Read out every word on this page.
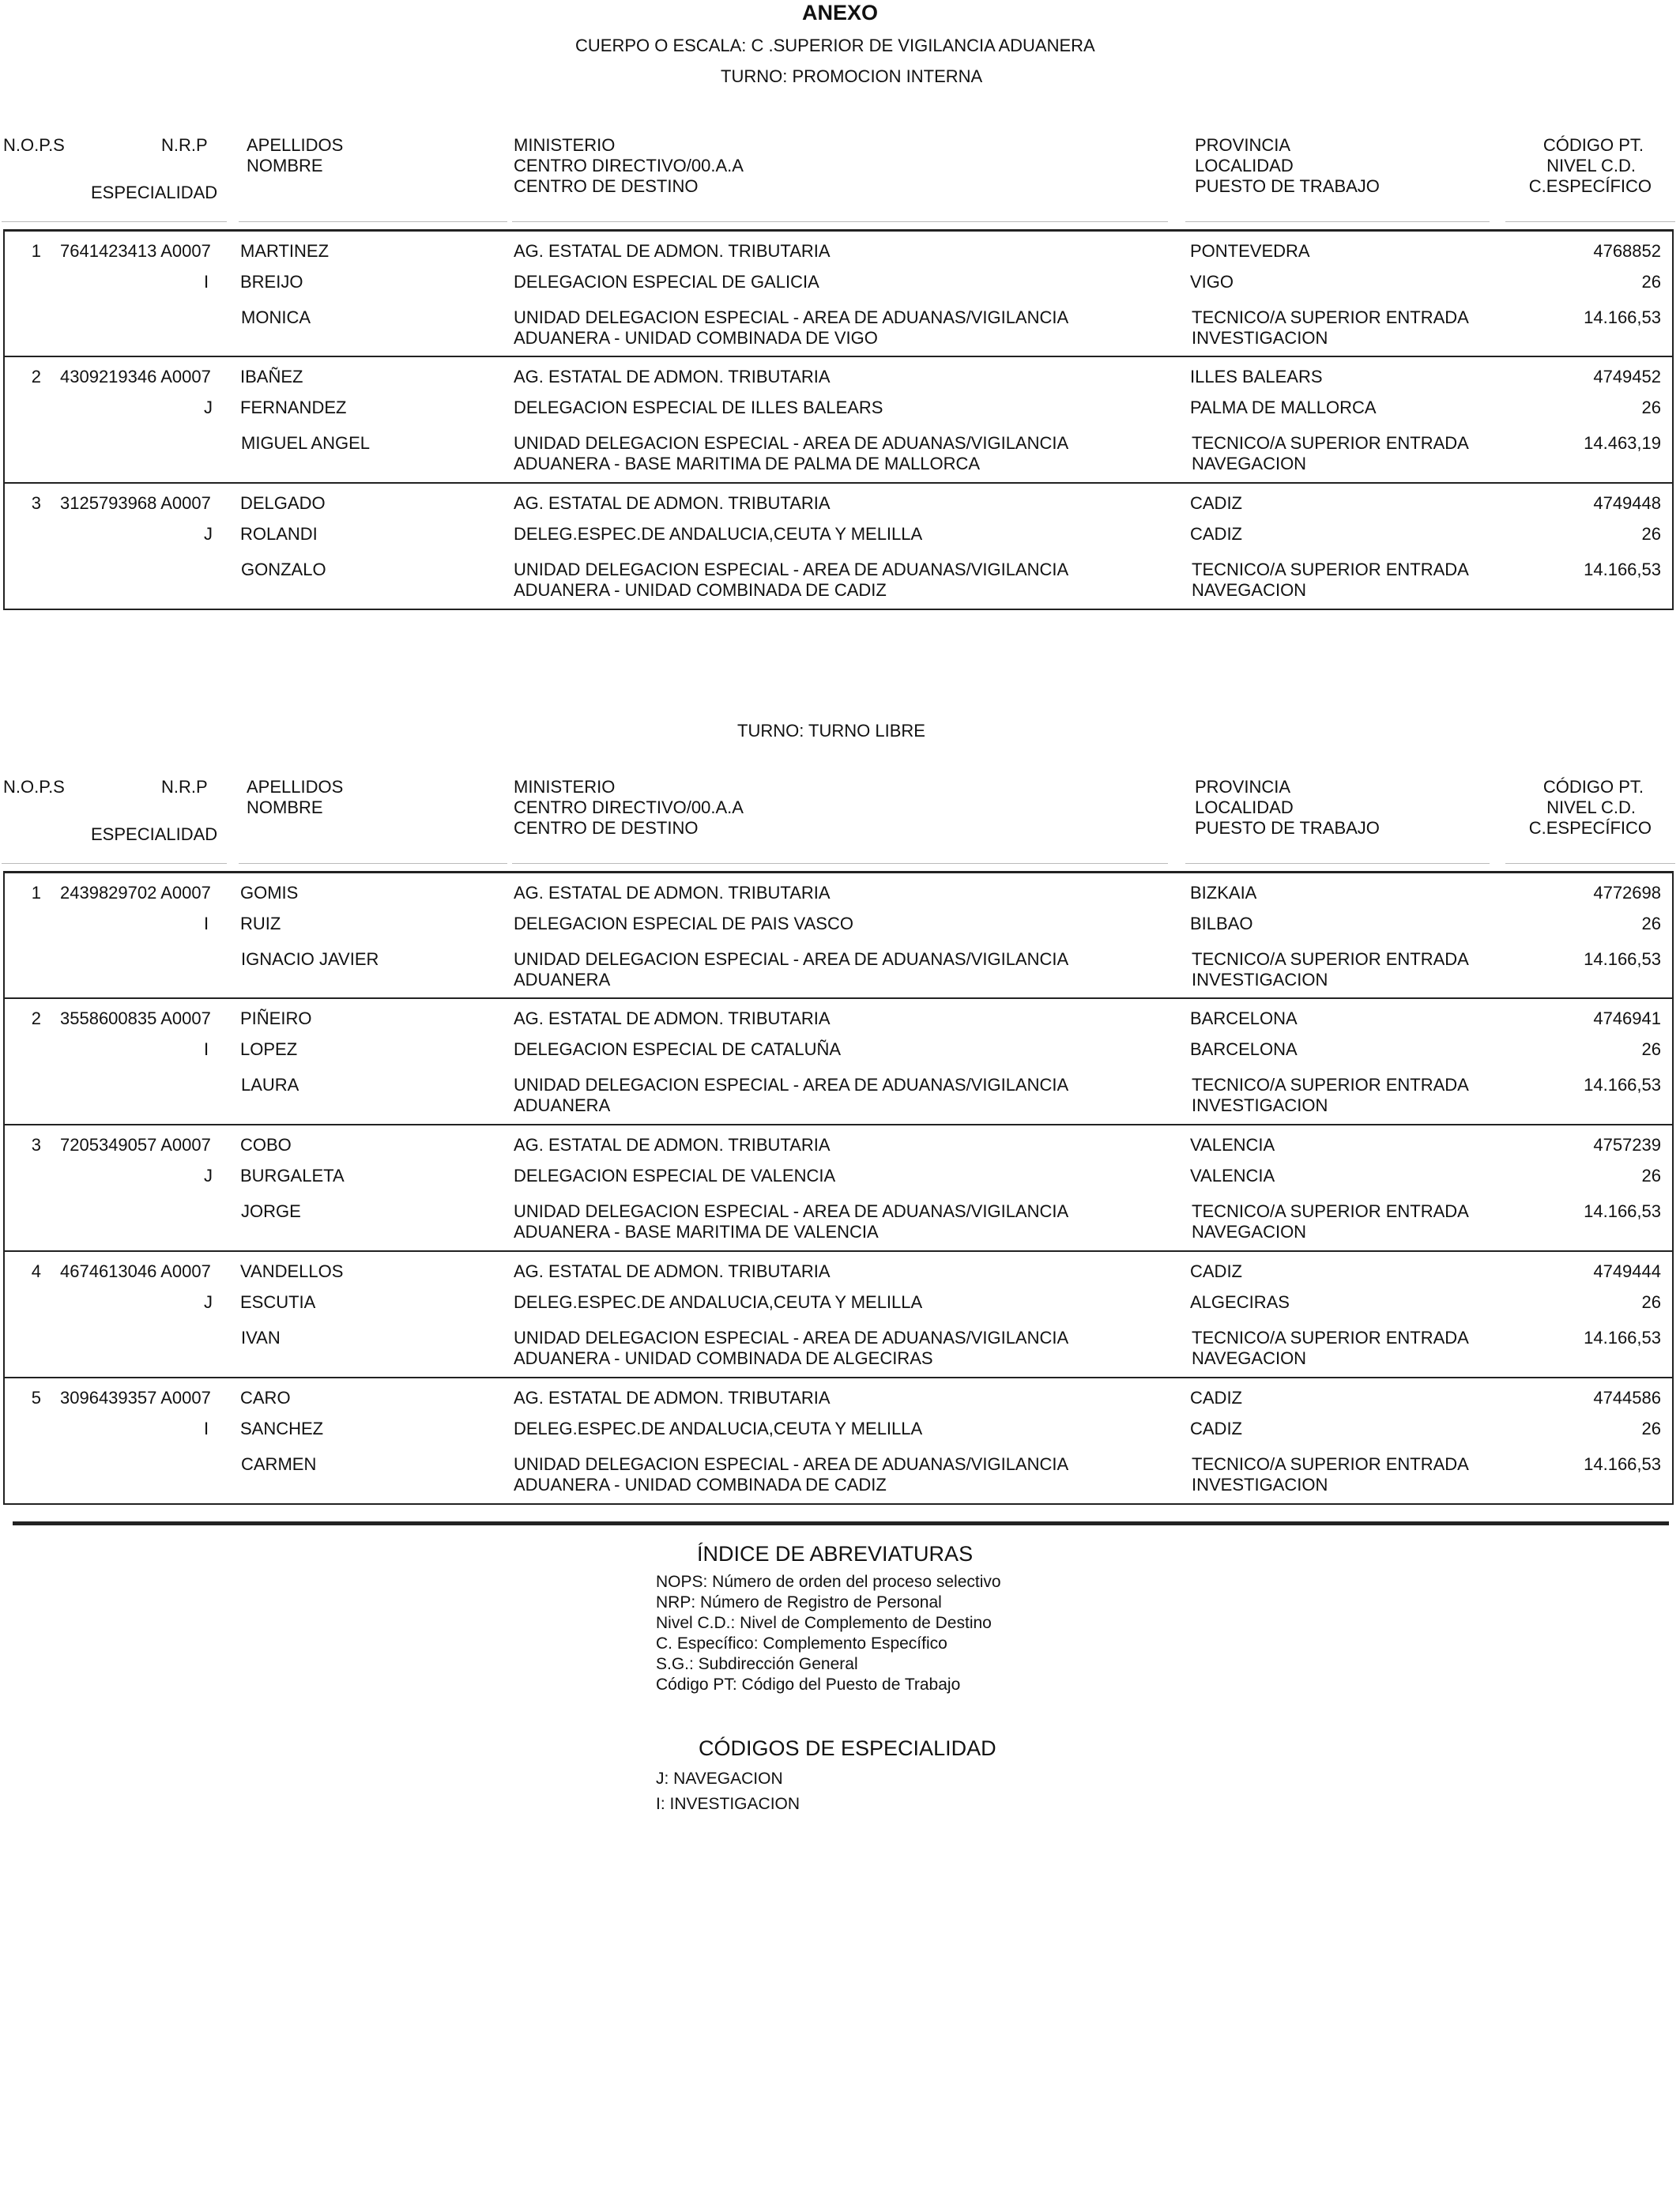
ANEXO
CUERPO O ESCALA: C .SUPERIOR DE VIGILANCIA ADUANERA
TURNO: PROMOCION INTERNA
N.O.P.S	N.R.P
ESPECIALIDAD
APELLIDOS
NOMBRE
MINISTERIO
CENTRO DIRECTIVO/00.A.A
CENTRO DE DESTINO
PROVINCIA
LOCALIDAD
PUESTO DE TRABAJO
CÓDIGO PT.
NIVEL C.D.
C.ESPECÍFICO
1 7641423413 A0007
I
MARTINEZ
BREIJO
MONICA
AG. ESTATAL DE ADMON. TRIBUTARIA
DELEGACION ESPECIAL DE GALICIA
UNIDAD DELEGACION ESPECIAL - AREA DE ADUANAS/VIGILANCIA
ADUANERA - UNIDAD COMBINADA DE VIGO
PONTEVEDRA
VIGO
TECNICO/A SUPERIOR ENTRADA
INVESTIGACION
4768852
26
14.166,53
2 4309219346 A0007
J
IBAÑEZ
FERNANDEZ
MIGUEL ANGEL
AG. ESTATAL DE ADMON. TRIBUTARIA
DELEGACION ESPECIAL DE ILLES BALEARS
UNIDAD DELEGACION ESPECIAL - AREA DE ADUANAS/VIGILANCIA
ADUANERA - BASE MARITIMA DE PALMA DE MALLORCA
ILLES BALEARS
PALMA DE MALLORCA
TECNICO/A SUPERIOR ENTRADA
NAVEGACION
4749452
26
14.463,19
3 3125793968 A0007
J
DELGADO
ROLANDI
GONZALO
AG. ESTATAL DE ADMON. TRIBUTARIA
DELEG.ESPEC.DE ANDALUCIA,CEUTA Y MELILLA
UNIDAD DELEGACION ESPECIAL - AREA DE ADUANAS/VIGILANCIA
ADUANERA - UNIDAD COMBINADA DE CADIZ
CADIZ
CADIZ
TECNICO/A SUPERIOR ENTRADA
NAVEGACION
4749448
26
14.166,53
TURNO: TURNO LIBRE
N.O.P.S	N.R.P
ESPECIALIDAD
APELLIDOS
NOMBRE
MINISTERIO
CENTRO DIRECTIVO/00.A.A
CENTRO DE DESTINO
PROVINCIA
LOCALIDAD
PUESTO DE TRABAJO
CÓDIGO PT.
NIVEL C.D.
C.ESPECÍFICO
1 2439829702 A0007
I
GOMIS
RUIZ
IGNACIO JAVIER
AG. ESTATAL DE ADMON. TRIBUTARIA
DELEGACION ESPECIAL DE PAIS VASCO
UNIDAD DELEGACION ESPECIAL - AREA DE ADUANAS/VIGILANCIA
ADUANERA
BIZKAIA
BILBAO
TECNICO/A SUPERIOR ENTRADA
INVESTIGACION
4772698
26
14.166,53
2 3558600835 A0007
I
PIÑEIRO
LOPEZ
LAURA
AG. ESTATAL DE ADMON. TRIBUTARIA
DELEGACION ESPECIAL DE CATALUÑA
UNIDAD DELEGACION ESPECIAL - AREA DE ADUANAS/VIGILANCIA
ADUANERA
BARCELONA
BARCELONA
TECNICO/A SUPERIOR ENTRADA
INVESTIGACION
4746941
26
14.166,53
3 7205349057 A0007
J
COBO
BURGALETA
JORGE
AG. ESTATAL DE ADMON. TRIBUTARIA
DELEGACION ESPECIAL DE VALENCIA
UNIDAD DELEGACION ESPECIAL - AREA DE ADUANAS/VIGILANCIA
ADUANERA - BASE MARITIMA DE VALENCIA
VALENCIA
VALENCIA
TECNICO/A SUPERIOR ENTRADA
NAVEGACION
4757239
26
14.166,53
4 4674613046 A0007
J
VANDELLOS
ESCUTIA
IVAN
AG. ESTATAL DE ADMON. TRIBUTARIA
DELEG.ESPEC.DE ANDALUCIA,CEUTA Y MELILLA
UNIDAD DELEGACION ESPECIAL - AREA DE ADUANAS/VIGILANCIA
ADUANERA - UNIDAD COMBINADA DE ALGECIRAS
CADIZ
ALGECIRAS
TECNICO/A SUPERIOR ENTRADA
NAVEGACION
4749444
26
14.166,53
5 3096439357 A0007
I
CARO
SANCHEZ
CARMEN
AG. ESTATAL DE ADMON. TRIBUTARIA
DELEG.ESPEC.DE ANDALUCIA,CEUTA Y MELILLA
UNIDAD DELEGACION ESPECIAL - AREA DE ADUANAS/VIGILANCIA
ADUANERA - UNIDAD COMBINADA DE CADIZ
CADIZ
CADIZ
TECNICO/A SUPERIOR ENTRADA
INVESTIGACION
4744586
26
14.166,53
ÍNDICE DE ABREVIATURAS
NOPS: Número de orden del proceso selectivo
NRP: Número de Registro de Personal
Nivel C.D.: Nivel de Complemento de Destino
C. Específico: Complemento Específico
S.G.: Subdirección General
Código PT: Código del Puesto de Trabajo
CÓDIGOS DE ESPECIALIDAD
J: NAVEGACION
I: INVESTIGACION
